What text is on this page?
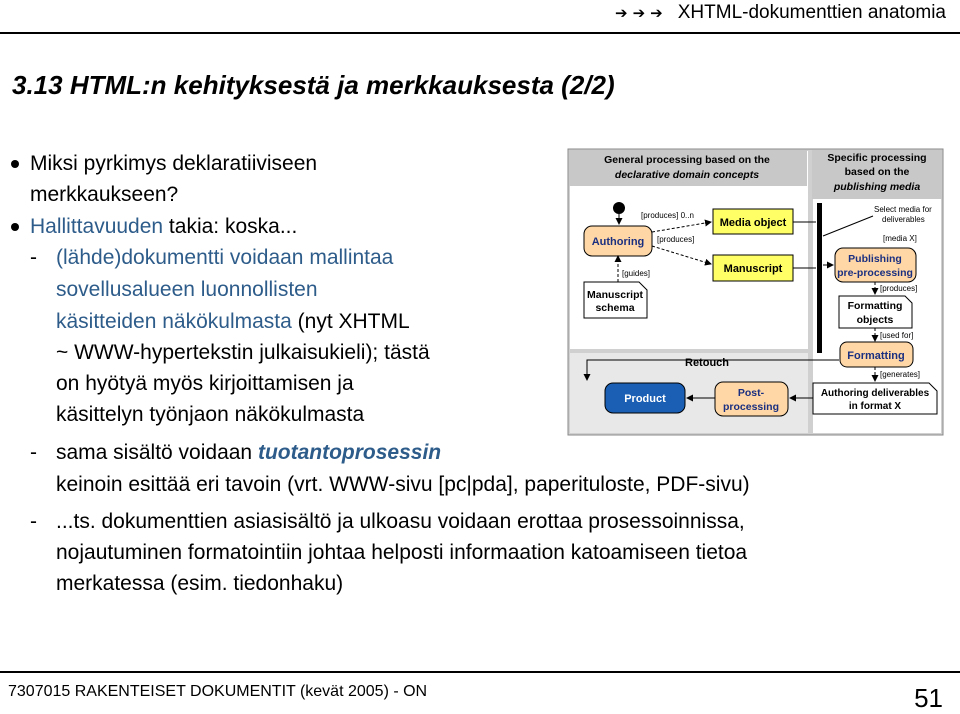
➔ ➔ ➔ XHTML-dokumenttien anatomia
3.13 HTML:n kehityksestä ja merkkauksesta (2/2)
Miksi pyrkimys deklaratiiviseen
merkkaukseen?
Hallittavuuden takia: koska...
- (lähde)dokumentti voidaan mallintaa
sovellusalueen luonnollisten
käsitteiden näkökulmasta (nyt XHTML
~ WWW-hypertekstin julkaisukieli); tästä
on hyötyä myös kirjoittamisen ja
käsittelyn työnjaon näkökulmasta
- sama sisältö voidaan tuotantoprosessin
keinoin esittää eri tavoin (vrt. WWW-sivu [pc|pda], paperituloste, PDF-sivu)
- ...ts. dokumenttien asiasisältö ja ulkoasu voidaan erottaa prosessoinnissa,
nojautuminen formatointiin johtaa helposti informaation katoamiseen tietoa
merkatessa (esim. tiedonhaku)
General processing based on the
declarative domain concepts
Specific processing
based on the
publishing media
Authoring
Manuscript
schema
[guides]
Media object
[produces] 0..n
Manuscript
[produces]
Select media for
deliverables
[media X]
Publishing
pre-processing
[produces]
Formatting
objects
[used for]
Formatting
[generates]
Authoring deliverables
in format X
Retouch
Product	Post-
processing
7307015 RAKENTEISET DOKUMENTIT (kevät 2005) - ON	51
